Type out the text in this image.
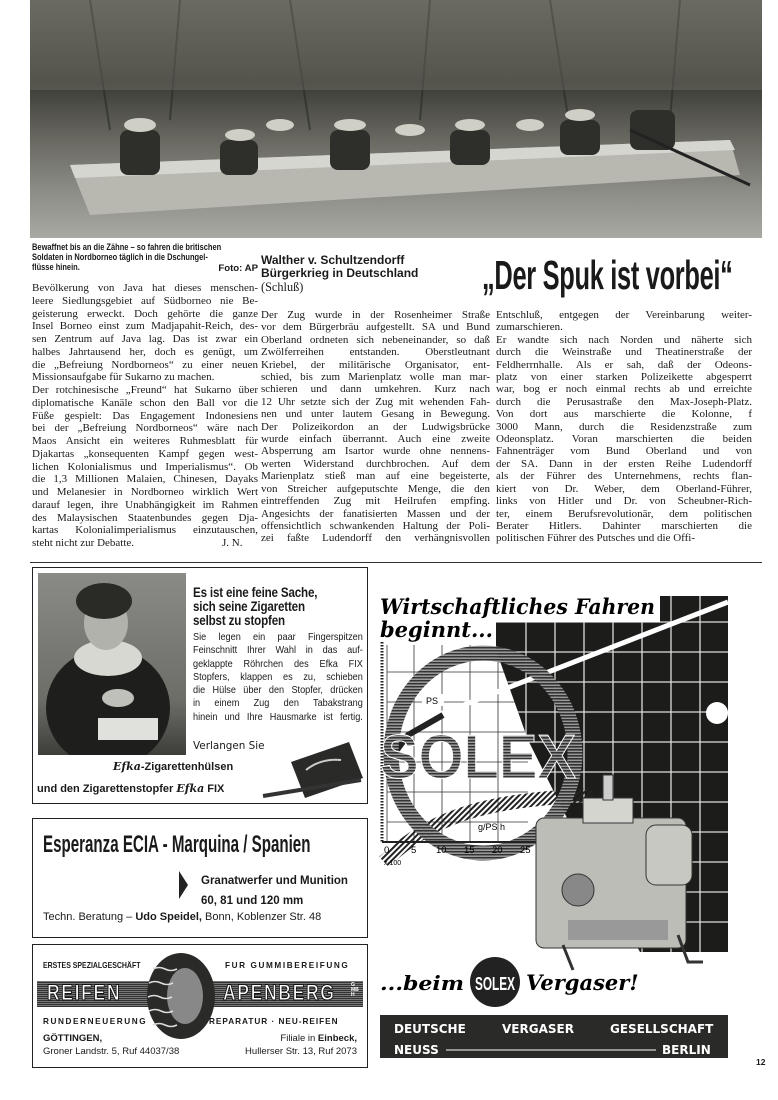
Bewaffnet bis an die Zähne – so fahren die britischen
Soldaten in Nordborneo täglich in die Dschungel-
flüsse hinein.	Foto: AP
Bevölkerung von Java hat dieses menschen-
leere Siedlungsgebiet auf Südborneo nie Be-
geisterung erweckt. Doch gehörte die ganze
Insel Borneo einst zum Madjapahit-Reich, des-
sen Zentrum auf Java lag. Das ist zwar ein
halbes Jahrtausend her, doch es genügt, um
die „Befreiung Nordborneos“ zu einer neuen
Missionsaufgabe für Sukarno zu machen.
Der rotchinesische „Freund“ hat Sukarno über
diplomatische Kanäle schon den Ball vor die
Füße gespielt: Das Engagement Indonesiens
bei der „Befreiung Nordborneos“ wäre nach
Maos Ansicht ein weiteres Ruhmesblatt für
Djakartas „konsequenten Kampf gegen west-
lichen Kolonialismus und Imperialismus“. Ob
die 1,3 Millionen Malaien, Chinesen, Dayaks
und Melanesier in Nordborneo wirklich Wert
darauf legen, ihre Unabhängigkeit im Rahmen
des Malaysischen Staatenbundes gegen Dja-
kartas Kolonialimperialismus einzutauschen,
steht nicht zur Debatte.	J. N.
Walther v. Schultzendorff
Bürgerkrieg in Deutschland
(Schluß)	„Der Spuk ist vorbei“
Der Zug wurde in der Rosenheimer Straße
vor dem Bürgerbräu aufgestellt. SA und Bund
Oberland ordneten sich nebeneinander, so daß
Zwölferreihen entstanden. Oberstleutnant
Kriebel, der militärische Organisator, ent-
schied, bis zum Marienplatz wolle man mar-
schieren und dann umkehren. Kurz nach
12 Uhr setzte sich der Zug mit wehenden Fah-
nen und unter lautem Gesang in Bewegung.
Der Polizeikordon an der Ludwigsbrücke
wurde einfach überrannt. Auch eine zweite
Absperrung am Isartor wurde ohne nennens-
werten Widerstand durchbrochen. Auf dem
Marienplatz stieß man auf eine begeisterte,
von Streicher aufgeputschte Menge, die den
eintreffenden Zug mit Heilrufen empfing.
Angesichts der fanatisierten Massen und der
offensichtlich schwankenden Haltung der Poli-
zei faßte Ludendorff den verhängnisvollen
Entschluß, entgegen der Vereinbarung weiter-
zumarschieren.
Er wandte sich nach Norden und näherte sich
durch die Weinstraße und Theatinerstraße der
Feldherrnhalle. Als er sah, daß der Odeons-
platz von einer starken Polizeikette abgesperrt
war, bog er noch einmal rechts ab und erreichte
durch die Perusastraße den Max-Joseph-Platz.
Von dort aus marschierte die Kolonne, f
3000 Mann, durch die Residenzstraße zum
Odeonsplatz. Voran marschierten die beiden
Fahnenträger vom Bund Oberland und von
der SA. Dann in der ersten Reihe Ludendorff
als der Führer des Unternehmens, rechts flan-
kiert von Dr. Weber, dem Oberland-Führer,
links von Hitler und Dr. von Scheubner-Rich-
ter, einem Berufsrevolutionär, dem politischen
Berater Hitlers. Dahinter marschierten die
politischen Führer des Putsches und die Offi-
Es ist eine feine Sache,
sich seine Zigaretten
selbst zu stopfen
Sie legen ein paar Fingerspitzen
Feinschnitt Ihrer Wahl in das auf-
geklappte Röhrchen des Efka FIX
Stopfers, klappen es zu, schieben
die Hülse über den Stopfer, drücken
in einem Zug den Tabakstrang
hinein und Ihre Hausmarke ist fertig.
Verlangen Sie
Efka-Zigarettenhülsen
und den Zigarettenstopfer Efka FIX
Esperanza ECIA - Marquina / Spanien
Granatwerfer und Munition
60, 81 und 120 mm
Techn. Beratung – Udo Speidel, Bonn, Koblenzer Str. 48
ERSTES SPEZIALGESCHÄFT	FUR GUMMIBEREIFUNG
REIFEN	APENBERG	GMBH
RUNDERNEUERUNG	REPARATUR · NEU-REIFEN
GÖTTINGEN,
Groner Landstr. 5, Ruf 44037/38
Filiale in Einbeck,
Hullerser Str. 13, Ruf 2073
Wirtschaftliches Fahren
beginnt...
SOLEX
PS
g/PS h
0 5 10 15 20 25
x 100
...beim SOLEX Vergaser!
DEUTSCHE	VERGASER	GESELLSCHAFT
NEUSS	BERLIN
12
